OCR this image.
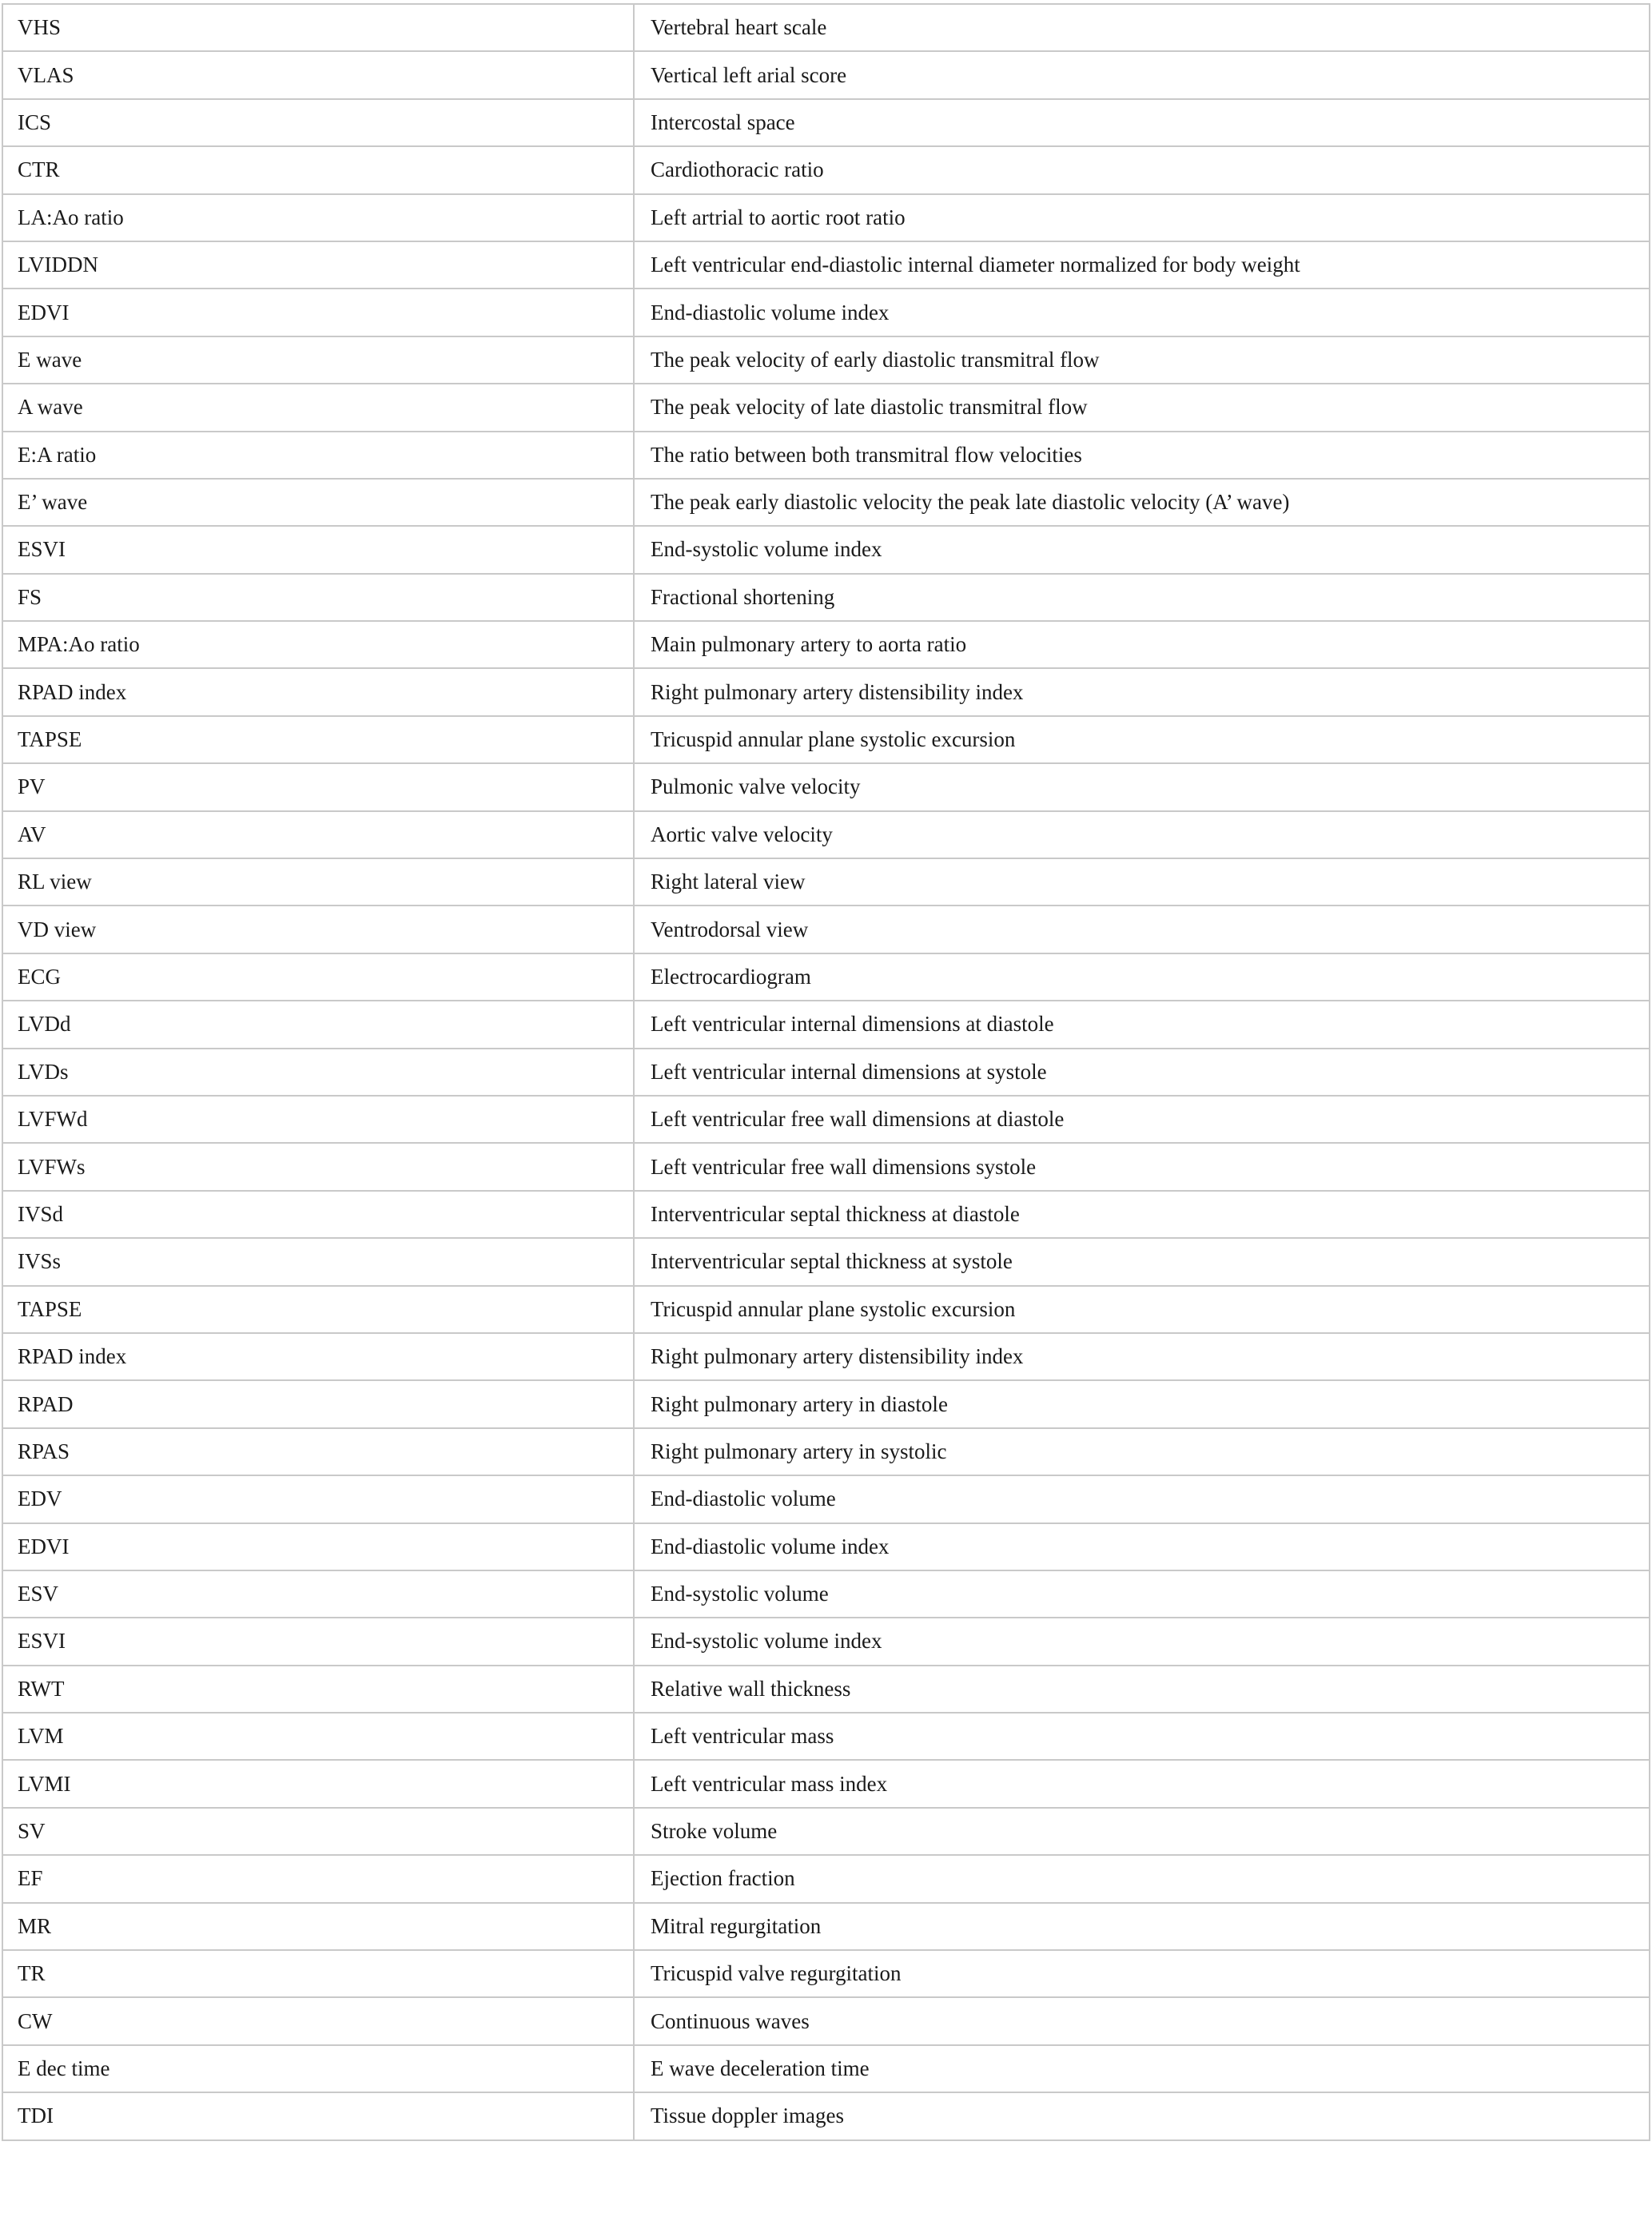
VHS	Vertebral heart scale
VLAS	Vertical left arial score
ICS	Intercostal space
CTR	Cardiothoracic ratio
LA:Ao ratio	Left artrial to aortic root ratio
LVIDDN	Left ventricular end-diastolic internal diameter normalized for body weight
EDVI	End-diastolic volume index
E wave	The peak velocity of early diastolic transmitral flow
A wave	The peak velocity of late diastolic transmitral flow
E:A ratio	The ratio between both transmitral flow velocities
E’ wave	The peak early diastolic velocity the peak late diastolic velocity (A’ wave)
ESVI	End-systolic volume index
FS	Fractional shortening
MPA:Ao ratio	Main pulmonary artery to aorta ratio
RPAD index	Right pulmonary artery distensibility index
TAPSE	Tricuspid annular plane systolic excursion
PV	Pulmonic valve velocity
AV	Aortic valve velocity
RL view	Right lateral view
VD view	Ventrodorsal view
ECG	Electrocardiogram
LVDd	Left ventricular internal dimensions at diastole
LVDs	Left ventricular internal dimensions at systole
LVFWd	Left ventricular free wall dimensions at diastole
LVFWs	Left ventricular free wall dimensions systole
IVSd	Interventricular septal thickness at diastole
IVSs	Interventricular septal thickness at systole
TAPSE	Tricuspid annular plane systolic excursion
RPAD index	Right pulmonary artery distensibility index
RPAD	Right pulmonary artery in diastole
RPAS	Right pulmonary artery in systolic
EDV	End-diastolic volume
EDVI	End-diastolic volume index
ESV	End-systolic volume
ESVI	End-systolic volume index
RWT	Relative wall thickness
LVM	Left ventricular mass
LVMI	Left ventricular mass index
SV	Stroke volume
EF	Ejection fraction
MR	Mitral regurgitation
TR	Tricuspid valve regurgitation
CW	Continuous waves
E dec time	E wave deceleration time
TDI	Tissue doppler images
